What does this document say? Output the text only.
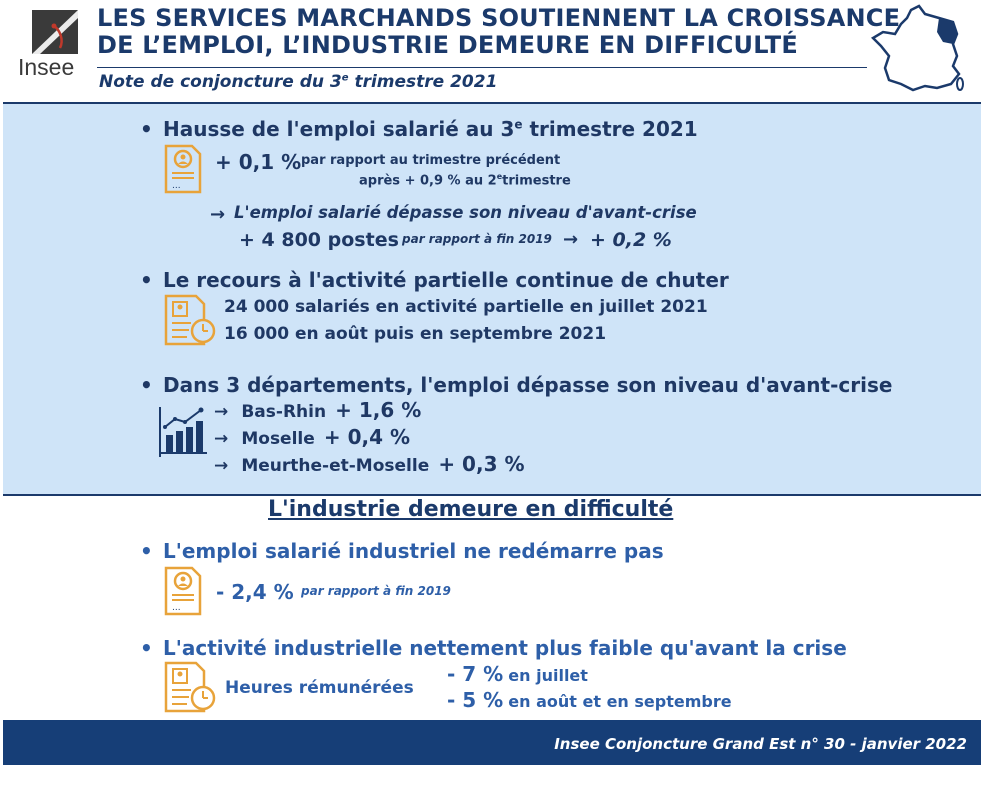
Insee
LES SERVICES MARCHANDS SOUTIENNENT LA CROISSANCE
DE L’EMPLOI, L’INDUSTRIE DEMEURE EN DIFFICULTÉ
Note de conjoncture du 3e trimestre 2021
• Hausse de l'emploi salarié au 3e trimestre 2021
...
+ 0,1 % par rapport au trimestre précédent
après + 0,9 % au $2^etrimestre$
→ L'emploi salarié dépasse son niveau d'avant-crise
+ 4 800 postes par rapport à fin 2019 → + 0,2 %
• Le recours à l'activité partielle continue de chuter
24 000 salariés en activité partielle en juillet 2021
16 000 en août puis en septembre 2021
• Dans 3 départements, l'emploi dépasse son niveau d'avant-crise
→ Bas-Rhin + 1,6 %
→ Moselle + 0,4 %
→ Meurthe-et-Moselle + 0,3 %
L'industrie demeure en difficulté
• L'emploi salarié industriel ne redémarre pas
...
- 2,4 % par rapport à fin 2019
• L'activité industrielle nettement plus faible qu'avant la crise
Heures rémunérées
- 7 % en juillet
- 5 % en août et en septembre
Insee Conjoncture Grand Est n° 30 - janvier 2022
